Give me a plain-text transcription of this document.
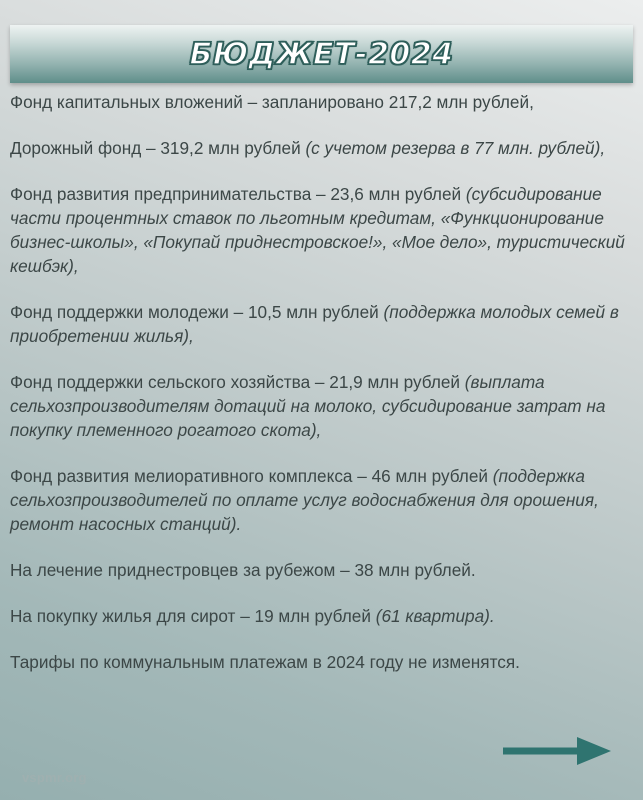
БЮДЖЕТ-2024

Фонд капитальных вложений – запланировано 217,2 млн рублей,

Дорожный фонд – 319,2 млн рублей (с учетом резерва в 77 млн. рублей),

Фонд развития предпринимательства – 23,6 млн рублей (субсидирование части процентных ставок по льготным кредитам, «Функционирование бизнес-школы», «Покупай приднестровское!», «Мое дело», туристический кешбэк),

Фонд поддержки молодежи – 10,5 млн рублей (поддержка молодых семей в приобретении жилья),

Фонд поддержки сельского хозяйства – 21,9 млн рублей (выплата сельхозпроизводителям дотаций на молоко, субсидирование затрат на покупку племенного рогатого скота),

Фонд развития мелиоративного комплекса – 46 млн рублей (поддержка сельхозпроизводителей по оплате услуг водоснабжения для орошения, ремонт насосных станций).

На лечение приднестровцев за рубежом – 38 млн рублей.

На покупку жилья для сирот – 19 млн рублей (61 квартира).

Тарифы по коммунальным платежам в 2024 году не изменятся.

vspmr.org
